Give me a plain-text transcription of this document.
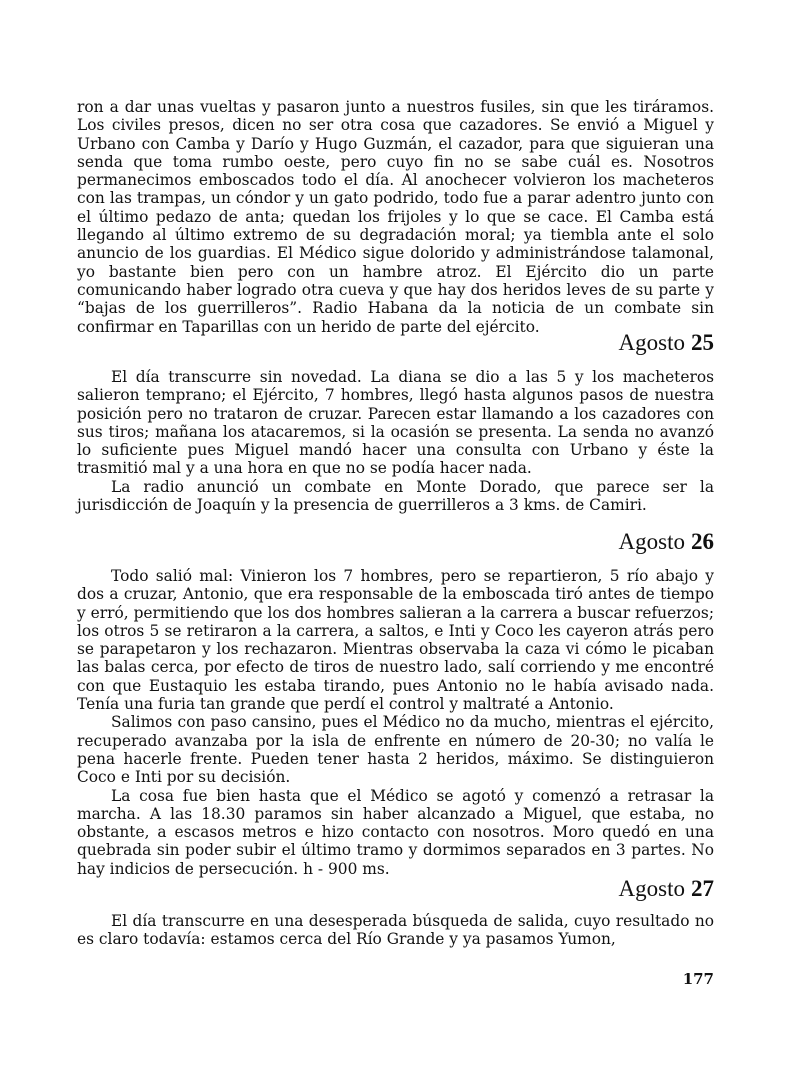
ron a dar unas vueltas y pasaron junto a nuestros fusiles, sin que les tiráramos. Los civiles presos, dicen no ser otra cosa que cazadores. Se envió a Miguel y Urbano con Camba y Darío y Hugo Guzmán, el cazador, para que siguieran una senda que toma rumbo oeste, pero cuyo fin no se sabe cuál es. Nosotros permanecimos emboscados todo el día. Al anochecer volvieron los macheteros con las trampas, un cóndor y un gato podrido, todo fue a parar adentro junto con el último pedazo de anta; quedan los frijoles y lo que se cace. El Camba está llegando al último extremo de su degradación moral; ya tiembla ante el solo anuncio de los guardias. El Médico sigue dolorido y administrándose talamonal, yo bastante bien pero con un hambre atroz. El Ejército dio un parte comunicando haber logrado otra cueva y que hay dos heridos leves de su parte y “bajas de los guerrilleros”. Radio Habana da la noticia de un combate sin confirmar en Taparillas con un herido de parte del ejército.

Agosto 25

El día transcurre sin novedad. La diana se dio a las 5 y los macheteros salieron temprano; el Ejército, 7 hombres, llegó hasta algunos pasos de nuestra posición pero no trataron de cruzar. Parecen estar llamando a los cazadores con sus tiros; mañana los atacaremos, si la ocasión se presenta. La senda no avanzó lo suficiente pues Miguel mandó hacer una consulta con Urbano y éste la trasmitió mal y a una hora en que no se podía hacer nada.

La radio anunció un combate en Monte Dorado, que parece ser la jurisdicción de Joaquín y la presencia de guerrilleros a 3 kms. de Camiri.

Agosto 26

Todo salió mal: Vinieron los 7 hombres, pero se repartieron, 5 río abajo y dos a cruzar, Antonio, que era responsable de la emboscada tiró antes de tiempo y erró, permitiendo que los dos hombres salieran a la carrera a buscar refuerzos; los otros 5 se retiraron a la carrera, a saltos, e Inti y Coco les cayeron atrás pero se parapetaron y los rechazaron. Mientras observaba la caza vi cómo le picaban las balas cerca, por efecto de tiros de nuestro lado, salí corriendo y me encontré con que Eustaquio les estaba tirando, pues Antonio no le había avisado nada. Tenía una furia tan grande que perdí el control y maltraté a Antonio.

Salimos con paso cansino, pues el Médico no da mucho, mientras el ejército, recuperado avanzaba por la isla de enfrente en número de 20-30; no valía le pena hacerle frente. Pueden tener hasta 2 heridos, máximo. Se distinguieron Coco e Inti por su decisión.

La cosa fue bien hasta que el Médico se agotó y comenzó a retrasar la marcha. A las 18.30 paramos sin haber alcanzado a Miguel, que estaba, no obstante, a escasos metros e hizo contacto con nosotros. Moro quedó en una quebrada sin poder subir el último tramo y dormimos separados en 3 partes. No hay indicios de persecución. h - 900 ms.

Agosto 27

El día transcurre en una desesperada búsqueda de salida, cuyo resultado no es claro todavía: estamos cerca del Río Grande y ya pasamos Yumon,

177
